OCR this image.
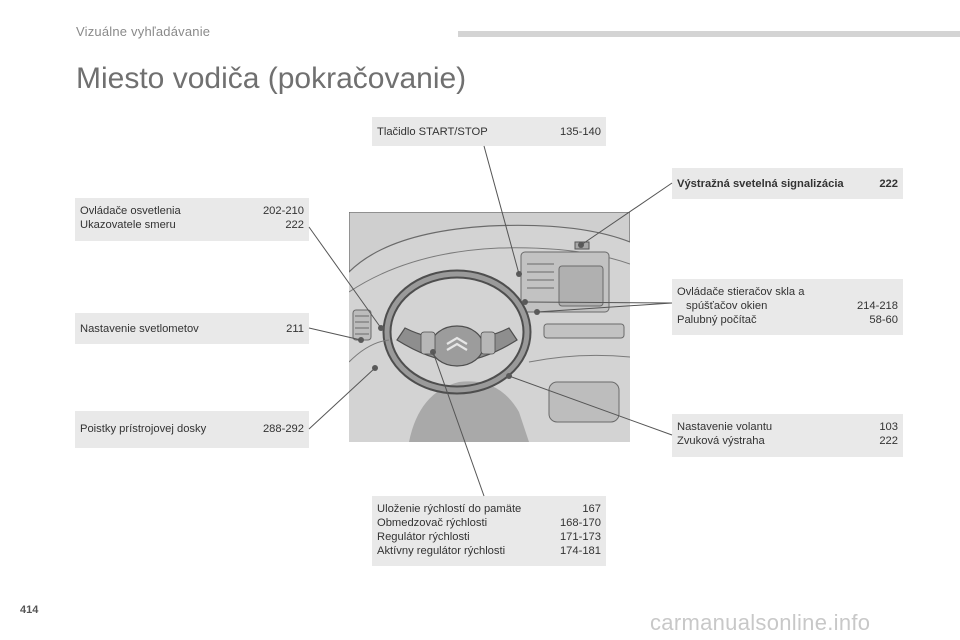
Vizuálne vyhľadávanie
Miesto vodiča (pokračovanie)
Tlačidlo START/STOP	135-140
Výstražná svetelná signalizácia	222
Ovládače osvetlenia	202-210
Ukazovatele smeru	222
Nastavenie svetlometov	211
Poistky prístrojovej dosky	288-292
Ovládače stieračov skla a
spúšťačov okien	214-218
Palubný počítač	58-60
Nastavenie volantu	103
Zvuková výstraha	222
Uloženie rýchlostí do pamäte	167
Obmedzovač rýchlosti	168-170
Regulátor rýchlosti	171-173
Aktívny regulátor rýchlosti	174-181
414	carmanualsonline.info
